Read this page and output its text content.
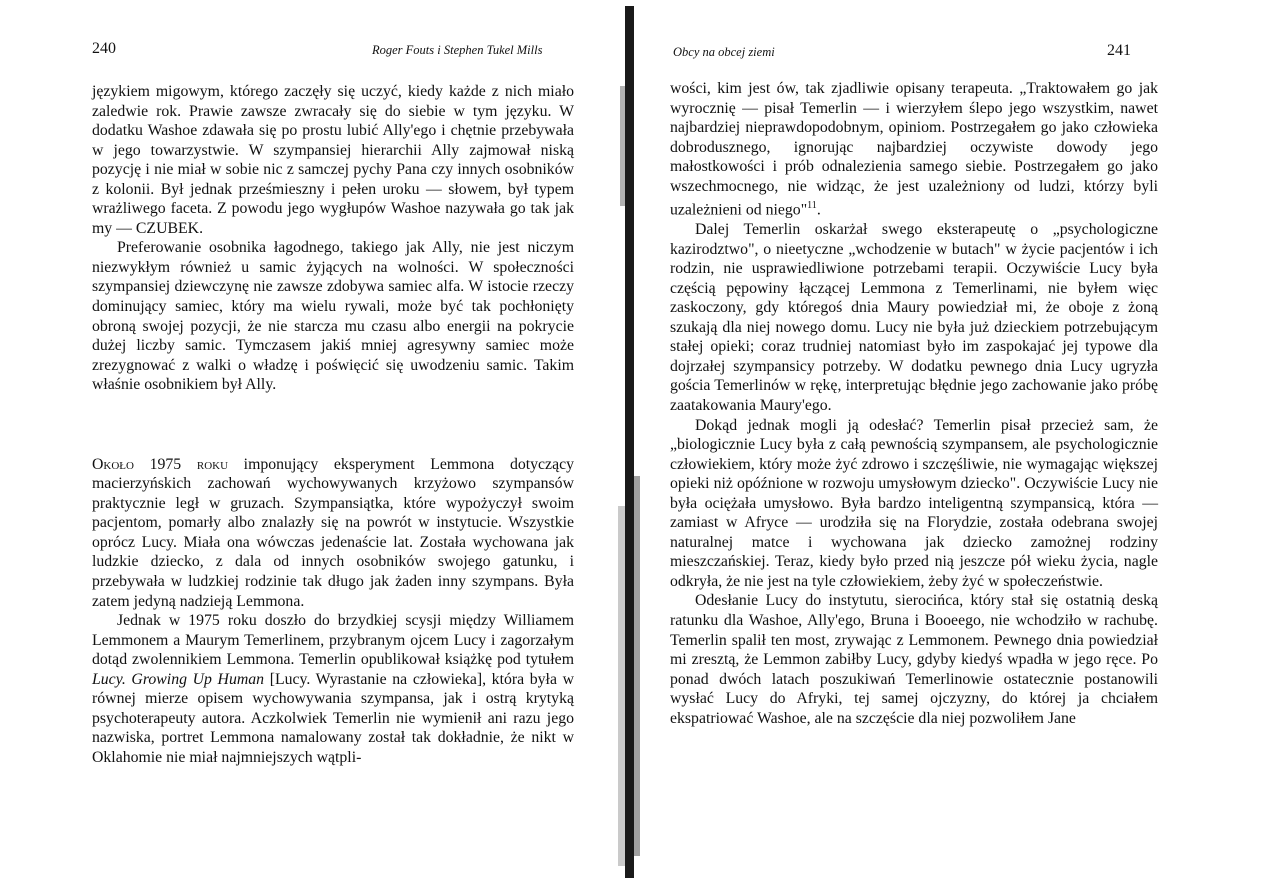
240	Roger Fouts i Stephen Tukel Mills

językiem migowym, którego zaczęły się uczyć, kiedy każde z nich miało zaledwie rok. Prawie zawsze zwracały się do siebie w tym języku. W dodatku Washoe zdawała się po prostu lubić Ally'ego i chętnie przebywała w jego towarzystwie. W szympansiej hierarchii Ally zajmował niską pozycję i nie miał w sobie nic z samczej pychy Pana czy innych osobników z kolonii. Był jednak prześmieszny i pełen uroku — słowem, był typem wrażliwego faceta. Z powodu jego wygłupów Washoe nazywała go tak jak my — CZUBEK.

Preferowanie osobnika łagodnego, takiego jak Ally, nie jest niczym niezwykłym również u samic żyjących na wolności. W społeczności szympansiej dziewczynę nie zawsze zdobywa samiec alfa. W istocie rzeczy dominujący samiec, który ma wielu rywali, może być tak pochłonięty obroną swojej pozycji, że nie starcza mu czasu albo energii na pokrycie dużej liczby samic. Tymczasem jakiś mniej agresywny samiec może zrezygnować z walki o władzę i poświęcić się uwodzeniu samic. Takim właśnie osobnikiem był Ally.

Około 1975 roku imponujący eksperyment Lemmona dotyczący macierzyńskich zachowań wychowywanych krzyżowo szympansów praktycznie legł w gruzach. Szympansiątka, które wypożyczył swoim pacjentom, pomarły albo znalazły się na powrót w instytucie. Wszystkie oprócz Lucy. Miała ona wówczas jedenaście lat. Została wychowana jak ludzkie dziecko, z dala od innych osobników swojego gatunku, i przebywała w ludzkiej rodzinie tak długo jak żaden inny szympans. Była zatem jedyną nadzieją Lemmona.

Jednak w 1975 roku doszło do brzydkiej scysji między Williamem Lemmonem a Maurym Temerlinem, przybranym ojcem Lucy i zagorzałym dotąd zwolennikiem Lemmona. Temerlin opublikował książkę pod tytułem Lucy. Growing Up Human [Lucy. Wyrastanie na człowieka], która była w równej mierze opisem wychowywania szympansa, jak i ostrą krytyką psychoterapeuty autora. Aczkolwiek Temerlin nie wymienił ani razu jego nazwiska, portret Lemmona namalowany został tak dokładnie, że nikt w Oklahomie nie miał najmniejszych wątpli-

Obcy na obcej ziemi	241

wości, kim jest ów, tak zjadliwie opisany terapeuta. „Traktowałem go jak wyrocznię — pisał Temerlin — i wierzyłem ślepo jego wszystkim, nawet najbardziej nieprawdopodobnym, opiniom. Postrzegałem go jako człowieka dobrodusznego, ignorując najbardziej oczywiste dowody jego małostkowości i prób odnalezienia samego siebie. Postrzegałem go jako wszechmocnego, nie widząc, że jest uzależniony od ludzi, którzy byli uzależnieni od niego"$^{11}$.

Dalej Temerlin oskarżał swego eksterapeutę o „psychologiczne kazirodztwo", o nieetyczne „wchodzenie w butach" w życie pacjentów i ich rodzin, nie usprawiedliwione potrzebami terapii. Oczywiście Lucy była częścią pępowiny łączącej Lemmona z Temerlinami, nie byłem więc zaskoczony, gdy któregoś dnia Maury powiedział mi, że oboje z żoną szukają dla niej nowego domu. Lucy nie była już dzieckiem potrzebującym stałej opieki; coraz trudniej natomiast było im zaspokajać jej typowe dla dojrzałej szympansicy potrzeby. W dodatku pewnego dnia Lucy ugryzła gościa Temerlinów w rękę, interpretując błędnie jego zachowanie jako próbę zaatakowania Maury'ego.

Dokąd jednak mogli ją odesłać? Temerlin pisał przecież sam, że „biologicznie Lucy była z całą pewnością szympansem, ale psychologicznie człowiekiem, który może żyć zdrowo i szczęśliwie, nie wymagając większej opieki niż opóźnione w rozwoju umysłowym dziecko". Oczywiście Lucy nie była ociężała umysłowo. Była bardzo inteligentną szympansicą, która — zamiast w Afryce — urodziła się na Florydzie, została odebrana swojej naturalnej matce i wychowana jak dziecko zamożnej rodziny mieszczańskiej. Teraz, kiedy było przed nią jeszcze pół wieku życia, nagle odkryła, że nie jest na tyle człowiekiem, żeby żyć w społeczeństwie.

Odesłanie Lucy do instytutu, sierocińca, który stał się ostatnią deską ratunku dla Washoe, Ally'ego, Bruna i Booeego, nie wchodziło w rachubę. Temerlin spalił ten most, zrywając z Lemmonem. Pewnego dnia powiedział mi zresztą, że Lemmon zabiłby Lucy, gdyby kiedyś wpadła w jego ręce. Po ponad dwóch latach poszukiwań Temerlinowie ostatecznie postanowili wysłać Lucy do Afryki, tej samej ojczyzny, do której ja chciałem ekspatriować Washoe, ale na szczęście dla niej pozwoliłem Jane
